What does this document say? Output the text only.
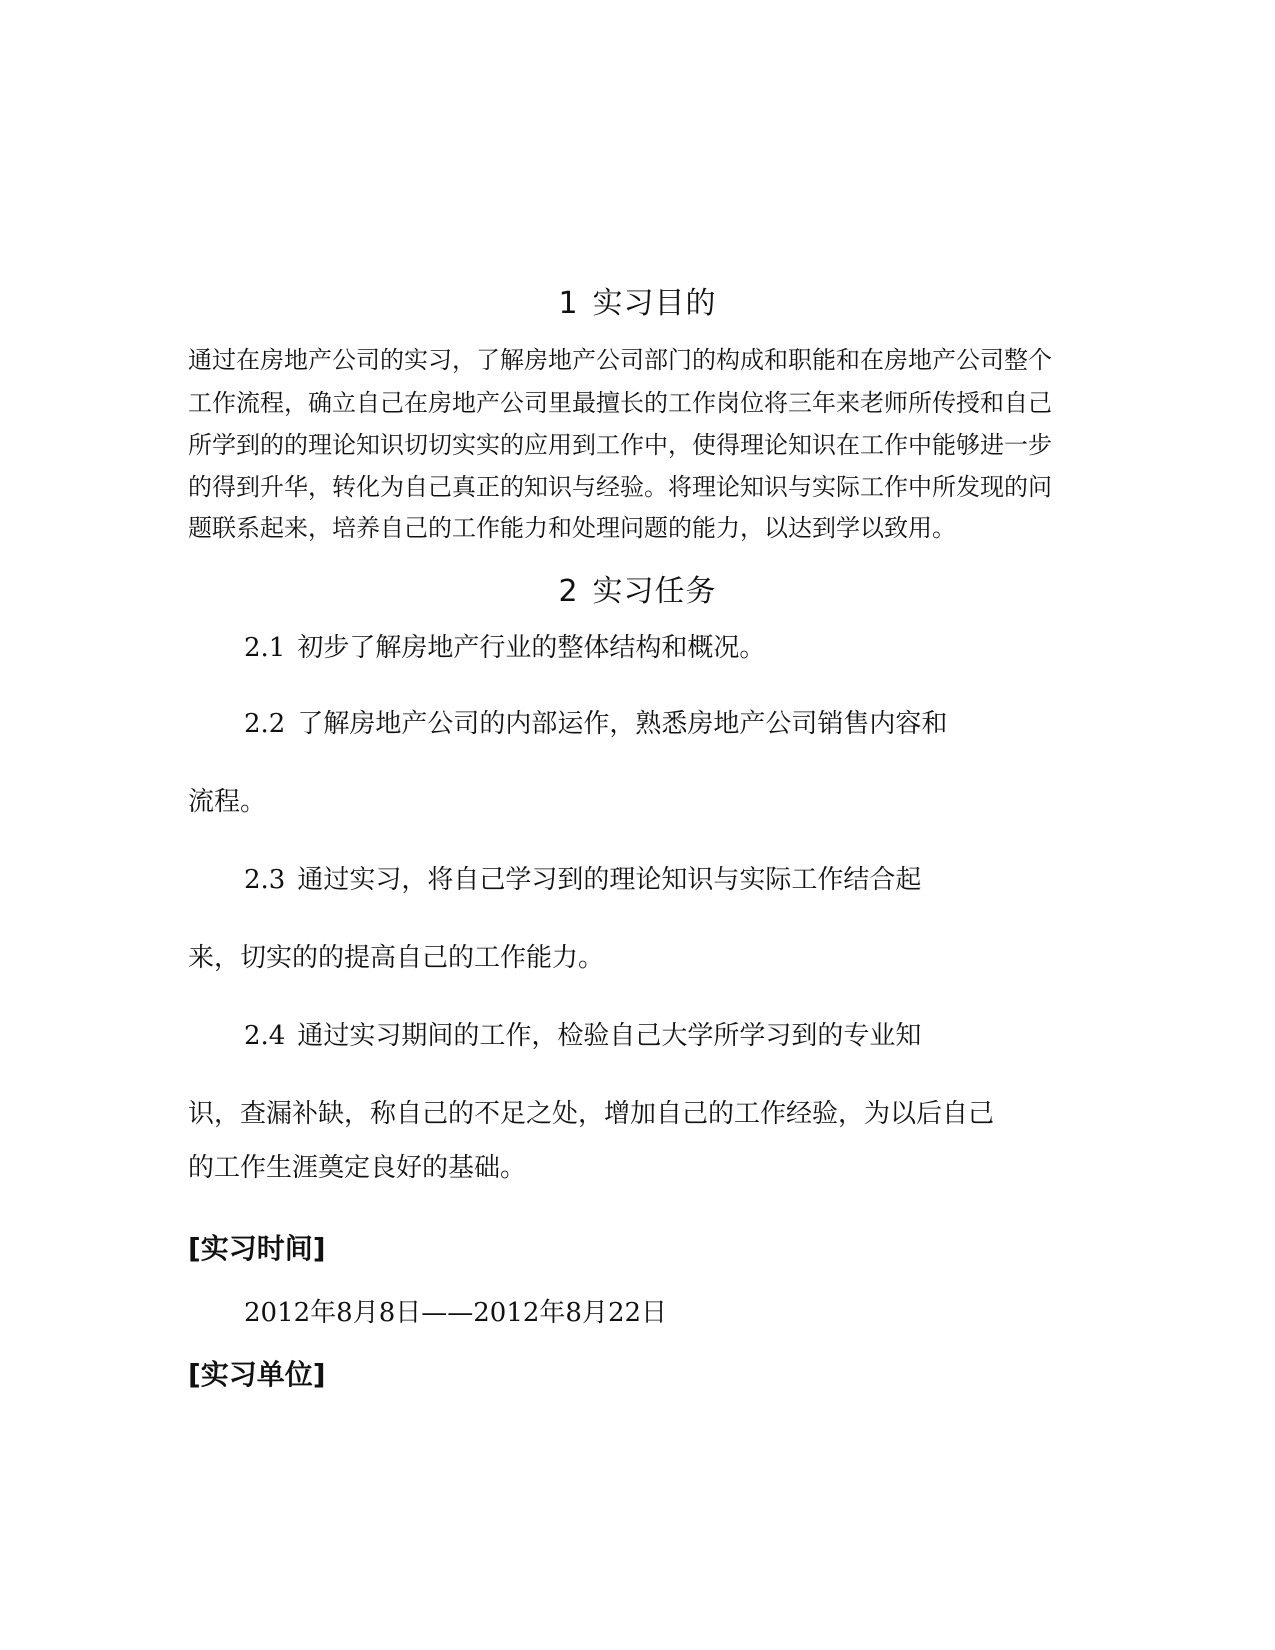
1 实习目的

通过在房地产公司的实习，了解房地产公司部门的构成和职能和在房地产公司整个

工作流程，确立自己在房地产公司里最擅长的工作岗位将三年来老师所传授和自己

所学到的的理论知识切切实实的应用到工作中，使得理论知识在工作中能够进一步

的得到升华，转化为自己真正的知识与经验。将理论知识与实际工作中所发现的问

题联系起来，培养自己的工作能力和处理问题的能力，以达到学以致用。

2 实习任务

2.1 初步了解房地产行业的整体结构和概况。

2.2 了解房地产公司的内部运作，熟悉房地产公司销售内容和

流程。

2.3 通过实习，将自己学习到的理论知识与实际工作结合起

来，切实的的提高自己的工作能力。

2.4 通过实习期间的工作，检验自己大学所学习到的专业知

识，查漏补缺，称自己的不足之处，增加自己的工作经验，为以后自己

的工作生涯奠定良好的基础。

[实习时间]
2012年8月8日——2012年8月22日
[实习单位]
